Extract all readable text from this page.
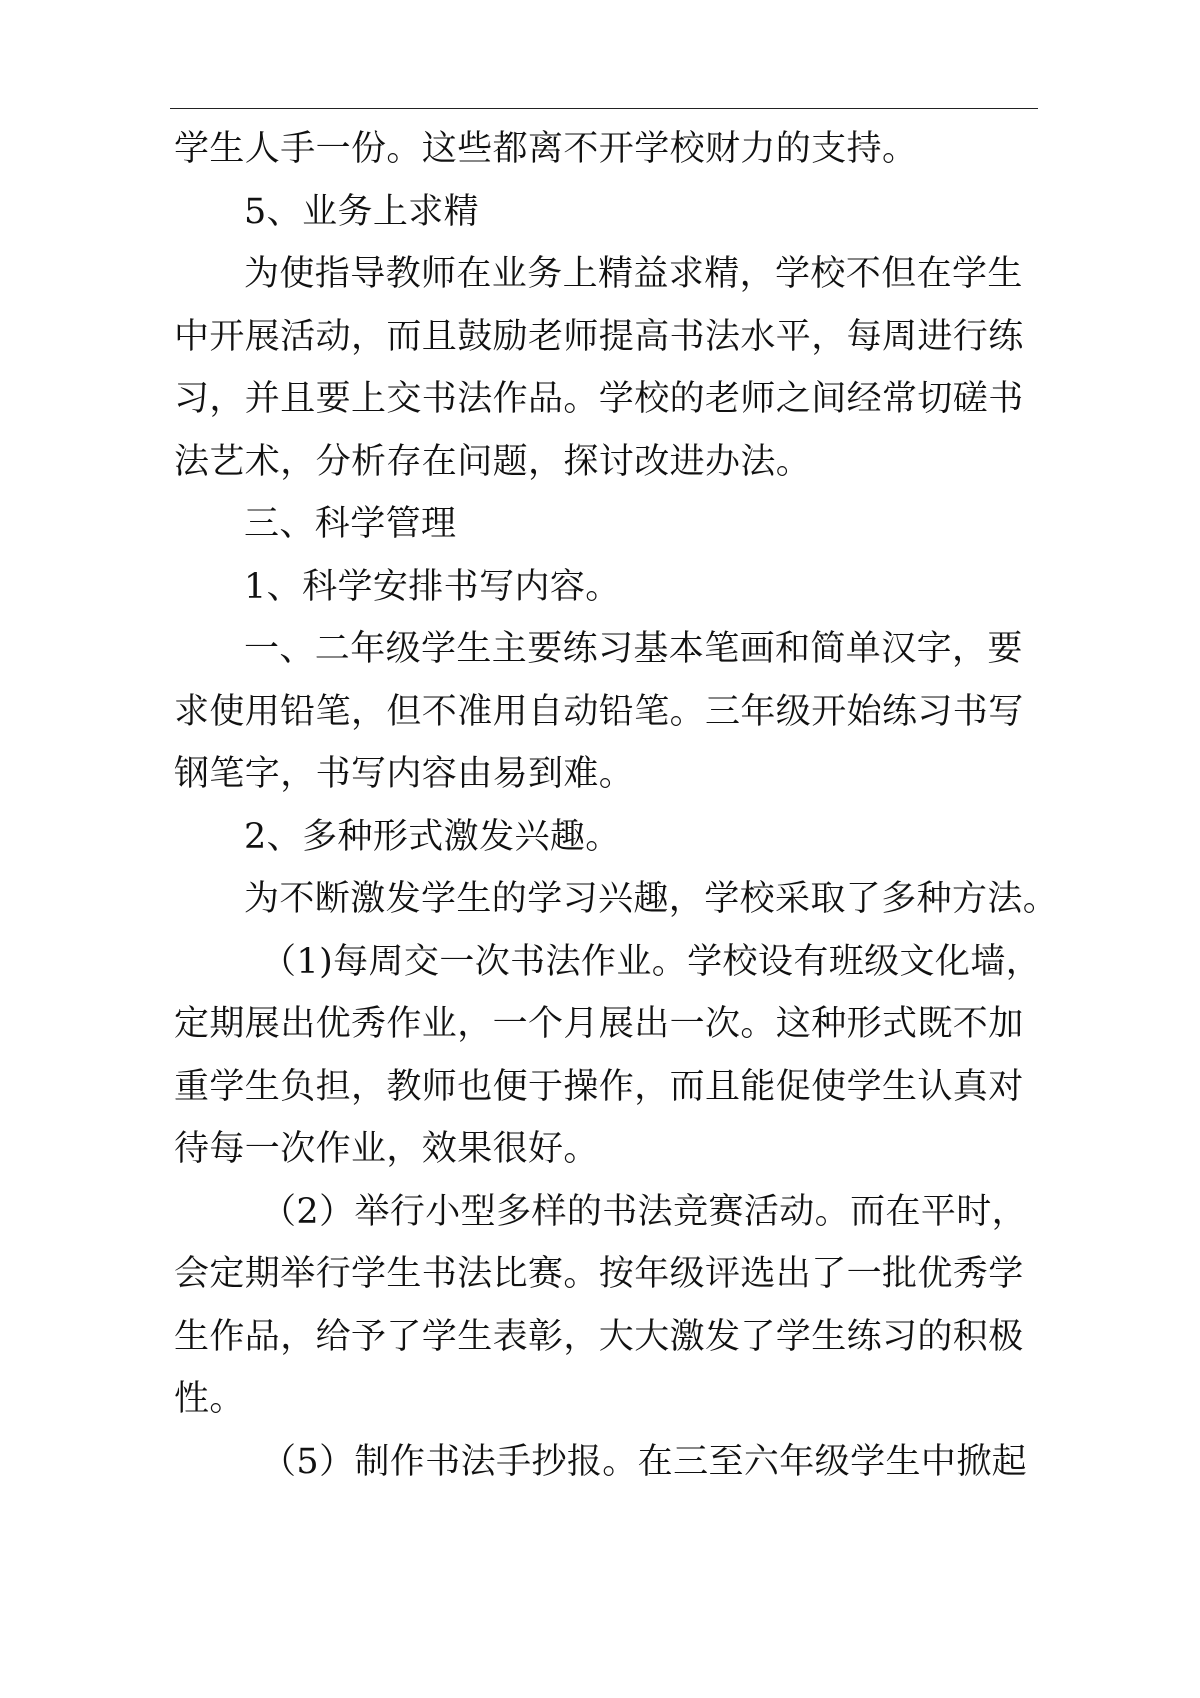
学生人手一份。这些都离不开学校财力的支持。
5、业务上求精
为使指导教师在业务上精益求精，学校不但在学生
中开展活动，而且鼓励老师提高书法水平，每周进行练
习，并且要上交书法作品。学校的老师之间经常切磋书
法艺术，分析存在问题，探讨改进办法。
三、科学管理
1、科学安排书写内容。
一、二年级学生主要练习基本笔画和简单汉字，要
求使用铅笔，但不准用自动铅笔。三年级开始练习书写
钢笔字，书写内容由易到难。
2、多种形式激发兴趣。
为不断激发学生的学习兴趣，学校采取了多种方法。
（1)每周交一次书法作业。学校设有班级文化墙，
定期展出优秀作业，一个月展出一次。这种形式既不加
重学生负担，教师也便于操作，而且能促使学生认真对
待每一次作业，效果很好。
（2）举行小型多样的书法竞赛活动。而在平时，
会定期举行学生书法比赛。按年级评选出了一批优秀学
生作品，给予了学生表彰，大大激发了学生练习的积极
性。
（5）制作书法手抄报。在三至六年级学生中掀起
